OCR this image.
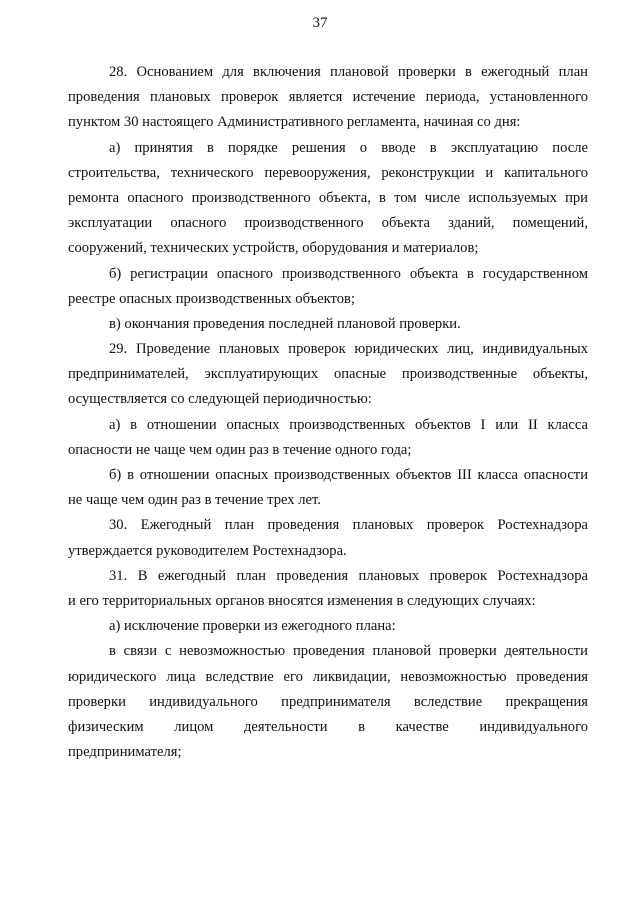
37
28. Основанием для включения плановой проверки в ежегодный план
проведения плановых проверок является истечение периода, установленного
пунктом 30 настоящего Административного регламента, начиная со дня:
а) принятия в порядке решения о вводе в эксплуатацию после
строительства, технического перевооружения, реконструкции и капитального
ремонта опасного производственного объекта, в том числе используемых при
эксплуатации опасного производственного объекта зданий, помещений,
сооружений, технических устройств, оборудования и материалов;
б) регистрации опасного производственного объекта в государственном
реестре опасных производственных объектов;
в) окончания проведения последней плановой проверки.
29. Проведение плановых проверок юридических лиц, индивидуальных
предпринимателей, эксплуатирующих опасные производственные объекты,
осуществляется со следующей периодичностью:
а) в отношении опасных производственных объектов I или II класса
опасности не чаще чем один раз в течение одного года;
б) в отношении опасных производственных объектов III класса опасности
не чаще чем один раз в течение трех лет.
30. Ежегодный план проведения плановых проверок Ростехнадзора
утверждается руководителем Ростехнадзора.
31. В ежегодный план проведения плановых проверок Ростехнадзора
и его территориальных органов вносятся изменения в следующих случаях:
а) исключение проверки из ежегодного плана:
в связи с невозможностью проведения плановой проверки деятельности
юридического лица вследствие его ликвидации, невозможностью проведения
проверки индивидуального предпринимателя вследствие прекращения
физическим лицом деятельности в качестве индивидуального
предпринимателя;
